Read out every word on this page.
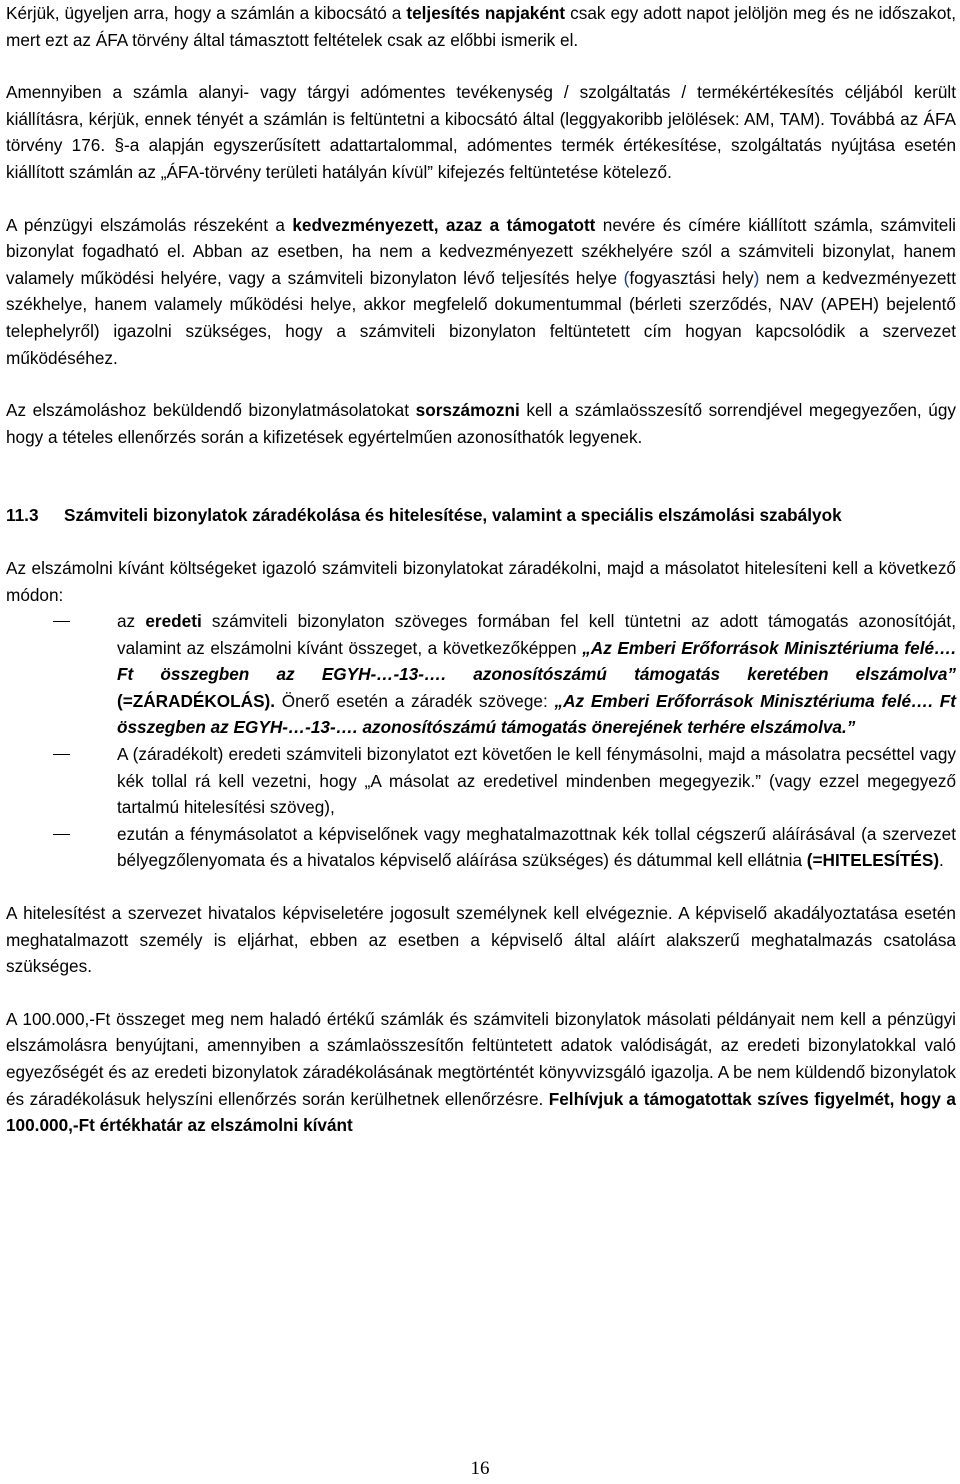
Kérjük, ügyeljen arra, hogy a számlán a kibocsátó a teljesítés napjaként csak egy adott napot jelöljön meg és ne időszakot, mert ezt az ÁFA törvény által támasztott feltételek csak az előbbi ismerik el.

Amennyiben a számla alanyi- vagy tárgyi adómentes tevékenység / szolgáltatás / termékértékesítés céljából került kiállításra, kérjük, ennek tényét a számlán is feltüntetni a kibocsátó által (leggyakoribb jelölések: AM, TAM). Továbbá az ÁFA törvény 176. §-a alapján egyszerűsített adattartalommal, adómentes termék értékesítése, szolgáltatás nyújtása esetén kiállított számlán az „ÁFA-törvény területi hatályán kívül” kifejezés feltüntetése kötelező.

A pénzügyi elszámolás részeként a kedvezményezett, azaz a támogatott nevére és címére kiállított számla, számviteli bizonylat fogadható el. Abban az esetben, ha nem a kedvezményezett székhelyére szól a számviteli bizonylat, hanem valamely működési helyére, vagy a számviteli bizonylaton lévő teljesítés helye (fogyasztási hely) nem a kedvezményezett székhelye, hanem valamely működési helye, akkor megfelelő dokumentummal (bérleti szerződés, NAV (APEH) bejelentő telephelyről) igazolni szükséges, hogy a számviteli bizonylaton feltüntetett cím hogyan kapcsolódik a szervezet működéséhez.

Az elszámoláshoz beküldendő bizonylatmásolatokat sorszámozni kell a számlaösszesítő sorrendjével megegyezően, úgy hogy a tételes ellenőrzés során a kifizetések egyértelműen azonosíthatók legyenek.

11.3 Számviteli bizonylatok záradékolása és hitelesítése, valamint a speciális elszámolási szabályok

Az elszámolni kívánt költségeket igazoló számviteli bizonylatokat záradékolni, majd a másolatot hitelesíteni kell a következő módon:

az eredeti számviteli bizonylaton szöveges formában fel kell tüntetni az adott támogatás azonosítóját, valamint az elszámolni kívánt összeget, a következőképpen „Az Emberi Erőforrások Minisztériuma felé…. Ft összegben az EGYH-…-13-…. azonosítószámú támogatás keretében elszámolva” (=ZÁRADÉKOLÁS). Önerő esetén a záradék szövege: „Az Emberi Erőforrások Minisztériuma felé…. Ft összegben az EGYH-…-13-…. azonosítószámú támogatás önerejének terhére elszámolva.”
A (záradékolt) eredeti számviteli bizonylatot ezt követően le kell fénymásolni, majd a másolatra pecséttel vagy kék tollal rá kell vezetni, hogy „A másolat az eredetivel mindenben megegyezik.” (vagy ezzel megegyező tartalmú hitelesítési szöveg),
ezután a fénymásolatot a képviselőnek vagy meghatalmazottnak kék tollal cégszerű aláírásával (a szervezet bélyegzőlenyomata és a hivatalos képviselő aláírása szükséges) és dátummal kell ellátnia (=HITELESÍTÉS).

A hitelesítést a szervezet hivatalos képviseletére jogosult személynek kell elvégeznie. A képviselő akadályoztatása esetén meghatalmazott személy is eljárhat, ebben az esetben a képviselő által aláírt alakszerű meghatalmazás csatolása szükséges.

A 100.000,-Ft összeget meg nem haladó értékű számlák és számviteli bizonylatok másolati példányait nem kell a pénzügyi elszámolásra benyújtani, amennyiben a számlaösszesítőn feltüntetett adatok valódiságát, az eredeti bizonylatokkal való egyezőségét és az eredeti bizonylatok záradékolásának megtörténtét könyvvizsgáló igazolja. A be nem küldendő bizonylatok és záradékolásuk helyszíni ellenőrzés során kerülhetnek ellenőrzésre. Felhívjuk a támogatottak szíves figyelmét, hogy a 100.000,-Ft értékhatár az elszámolni kívánt

16
